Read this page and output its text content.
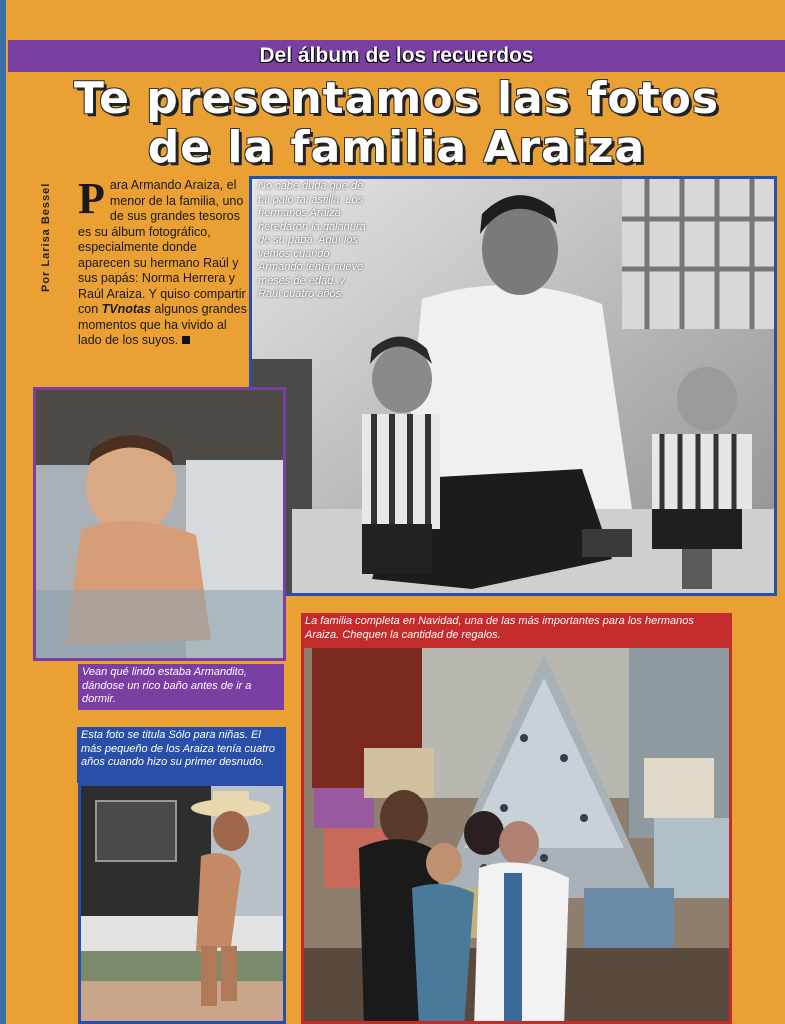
Del álbum de los recuerdos
Te presentamos las fotos
de la familia Araiza
Por Larisa Bessel Para Armando Araiza, el menor de la familia, uno de sus grandes tesoros es su álbum fotográfico, especialmente donde aparecen su hermano Raúl y sus papás: Norma Herrera y Raúl Araiza. Y quiso compartir con TVnotas algunos grandes momentos que ha vivido al lado de los suyos.
No cabe duda que de tal palo tal astilla. Los hermanos Araiza heredaron la galanura de su papá. Aquí los vemos cuando Armando tenía nueve meses de edad, y Raúl cuatro años.
Vean qué lindo estaba Armandito, dándose un rico baño antes de ir a dormir.
Esta foto se titula Sólo para niñas. El más pequeño de los Araiza tenía cuatro años cuando hizo su primer desnudo.
La familia completa en Navidad, una de las más importantes para los hermanos Araiza. Chequen la cantidad de regalos.
